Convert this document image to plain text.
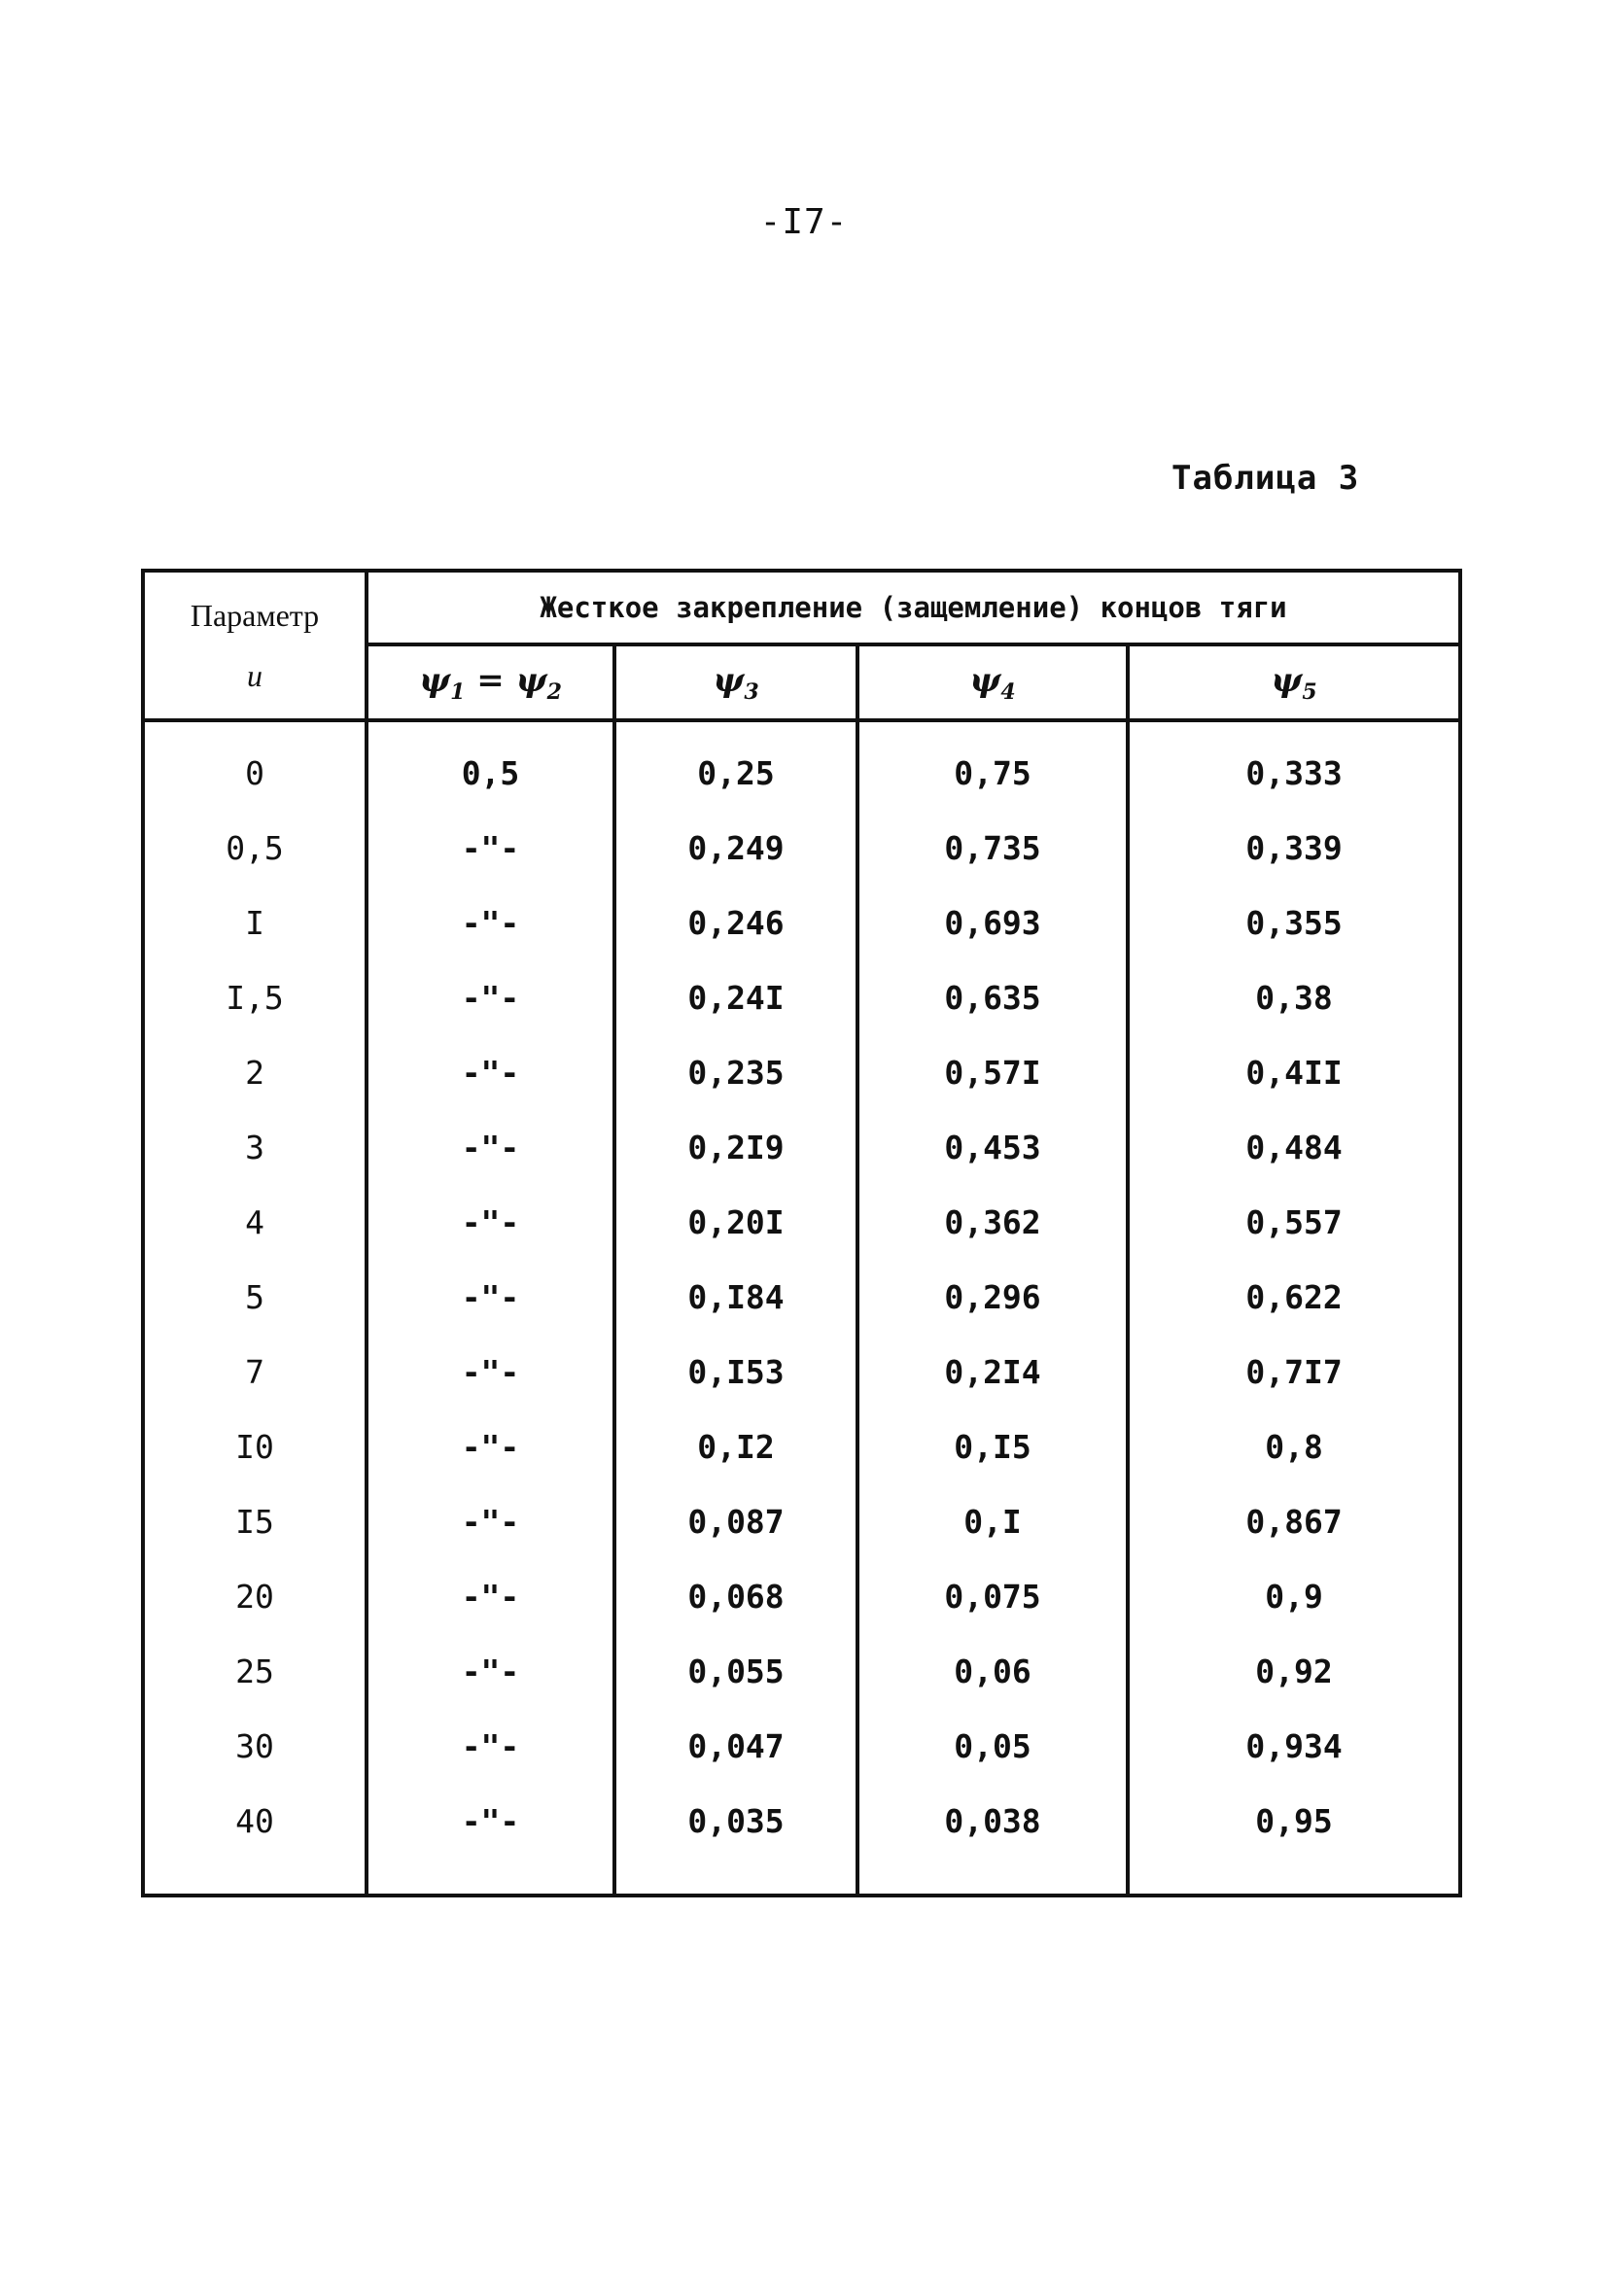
-I7-
Таблица 3
Параметр
u	Жесткое закрепление (защемление) концов тяги			
	$\psi_1 = \psi_2$	$\psi_3$	$\psi_4$	$\psi_5$
0	0,5	0,25	0,75	0,333
0,5	-"-	0,249	0,735	0,339
I	-"-	0,246	0,693	0,355
I,5	-"-	0,24I	0,635	0,38
2	-"-	0,235	0,57I	0,4II
3	-"-	0,2I9	0,453	0,484
4	-"-	0,20I	0,362	0,557
5	-"-	0,I84	0,296	0,622
7	-"-	0,I53	0,2I4	0,7I7
I0	-"-	0,I2	0,I5	0,8
I5	-"-	0,087	0,I	0,867
20	-"-	0,068	0,075	0,9
25	-"-	0,055	0,06	0,92
30	-"-	0,047	0,05	0,934
40	-"-	0,035	0,038	0,95
